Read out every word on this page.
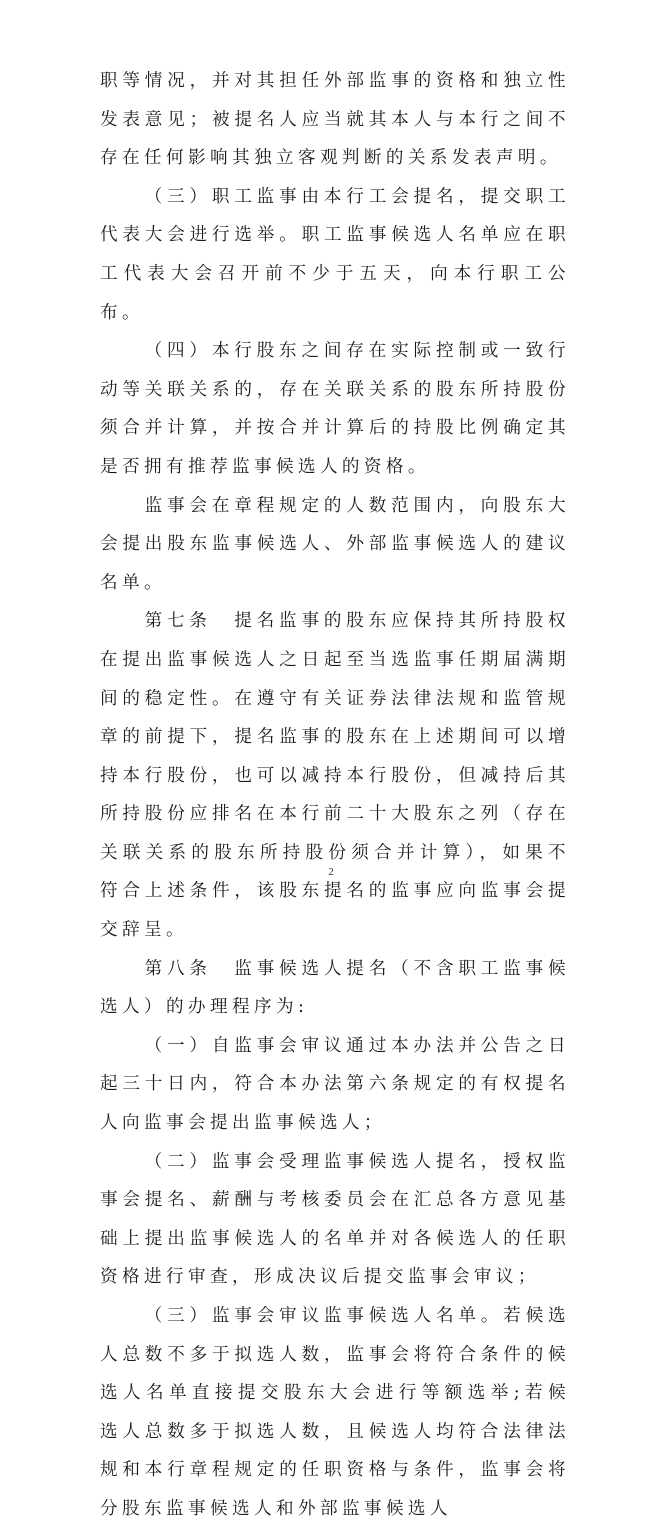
职等情况，并对其担任外部监事的资格和独立性发表意见；被提名人应当就其本人与本行之间不存在任何影响其独立客观判断的关系发表声明。

（三）职工监事由本行工会提名，提交职工代表大会进行选举。职工监事候选人名单应在职工代表大会召开前不少于五天，向本行职工公布。

（四）本行股东之间存在实际控制或一致行动等关联关系的，存在关联关系的股东所持股份须合并计算，并按合并计算后的持股比例确定其是否拥有推荐监事候选人的资格。

监事会在章程规定的人数范围内，向股东大会提出股东监事候选人、外部监事候选人的建议名单。

第七条　提名监事的股东应保持其所持股权在提出监事候选人之日起至当选监事任期届满期间的稳定性。在遵守有关证券法律法规和监管规章的前提下，提名监事的股东在上述期间可以增持本行股份，也可以减持本行股份，但减持后其所持股份应排名在本行前二十大股东之列（存在关联关系的股东所持股份须合并计算），如果不符合上述条件，该股东提名的监事应向监事会提交辞呈。

第八条　监事候选人提名（不含职工监事候选人）的办理程序为:

（一）自监事会审议通过本办法并公告之日起三十日内，符合本办法第六条规定的有权提名人向监事会提出监事候选人；

（二）监事会受理监事候选人提名，授权监事会提名、薪酬与考核委员会在汇总各方意见基础上提出监事候选人的名单并对各候选人的任职资格进行审查，形成决议后提交监事会审议；

（三）监事会审议监事候选人名单。若候选人总数不多于拟选人数，监事会将符合条件的候选人名单直接提交股东大会进行等额选举;若候选人总数多于拟选人数，且候选人均符合法律法规和本行章程规定的任职资格与条件，监事会将分股东监事候选人和外部监事候选人

2
